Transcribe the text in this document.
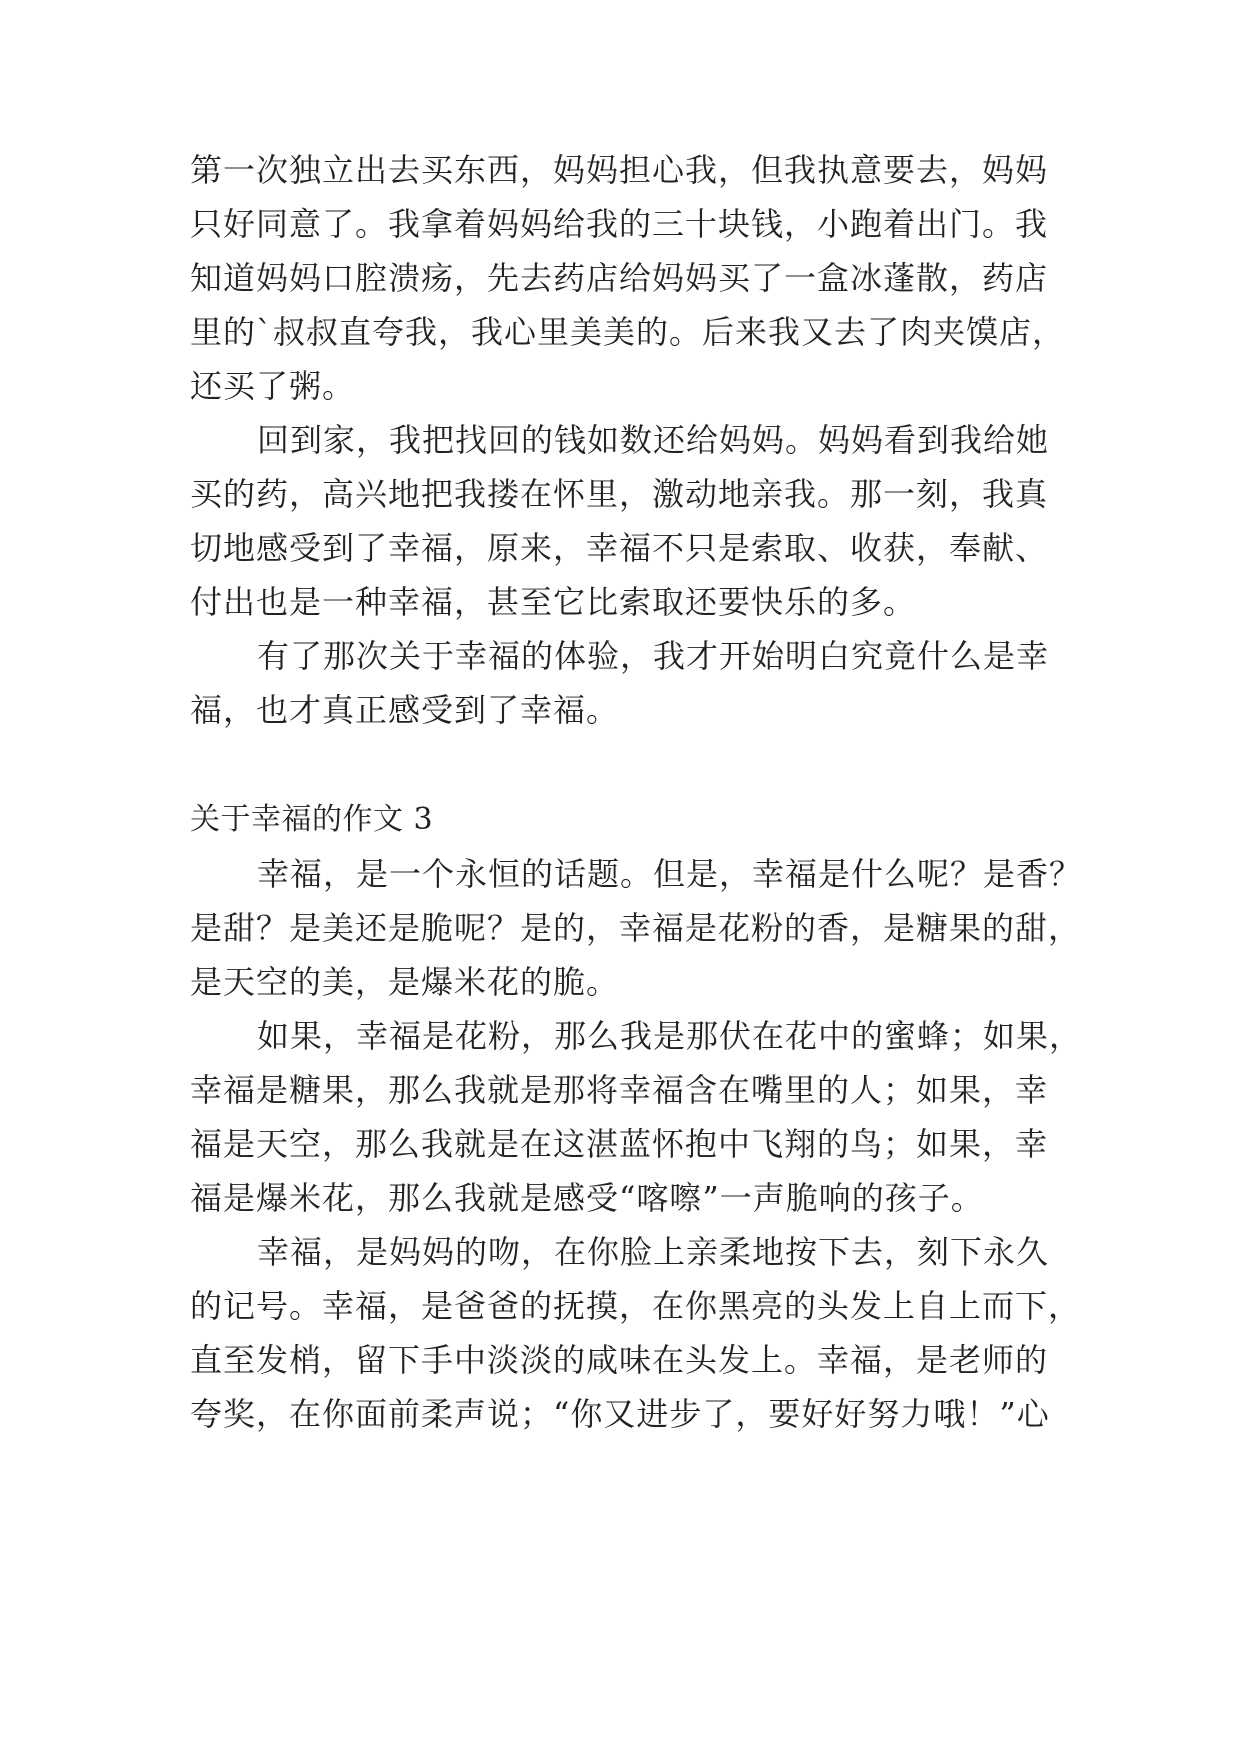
第一次独立出去买东西，妈妈担心我，但我执意要去，妈妈
只好同意了。我拿着妈妈给我的三十块钱，小跑着出门。我
知道妈妈口腔溃疡，先去药店给妈妈买了一盒冰蓬散，药店
里的`叔叔直夸我，我心里美美的。后来我又去了肉夹馍店，
还买了粥。
回到家，我把找回的钱如数还给妈妈。妈妈看到我给她
买的药，高兴地把我搂在怀里，激动地亲我。那一刻，我真
切地感受到了幸福，原来，幸福不只是索取、收获，奉献、
付出也是一种幸福，甚至它比索取还要快乐的多。
有了那次关于幸福的体验，我才开始明白究竟什么是幸
福，也才真正感受到了幸福。
关于幸福的作文 3
幸福，是一个永恒的话题。但是，幸福是什么呢？是香？
是甜？是美还是脆呢？是的，幸福是花粉的香，是糖果的甜，
是天空的美，是爆米花的脆。
如果，幸福是花粉，那么我是那伏在花中的蜜蜂；如果，
幸福是糖果，那么我就是那将幸福含在嘴里的人；如果，幸
福是天空，那么我就是在这湛蓝怀抱中飞翔的鸟；如果，幸
福是爆米花，那么我就是感受“喀嚓”一声脆响的孩子。
幸福，是妈妈的吻，在你脸上亲柔地按下去，刻下永久
的记号。幸福，是爸爸的抚摸，在你黑亮的头发上自上而下，
直至发梢，留下手中淡淡的咸味在头发上。幸福，是老师的
夸奖，在你面前柔声说；“你又进步了，要好好努力哦！”心
